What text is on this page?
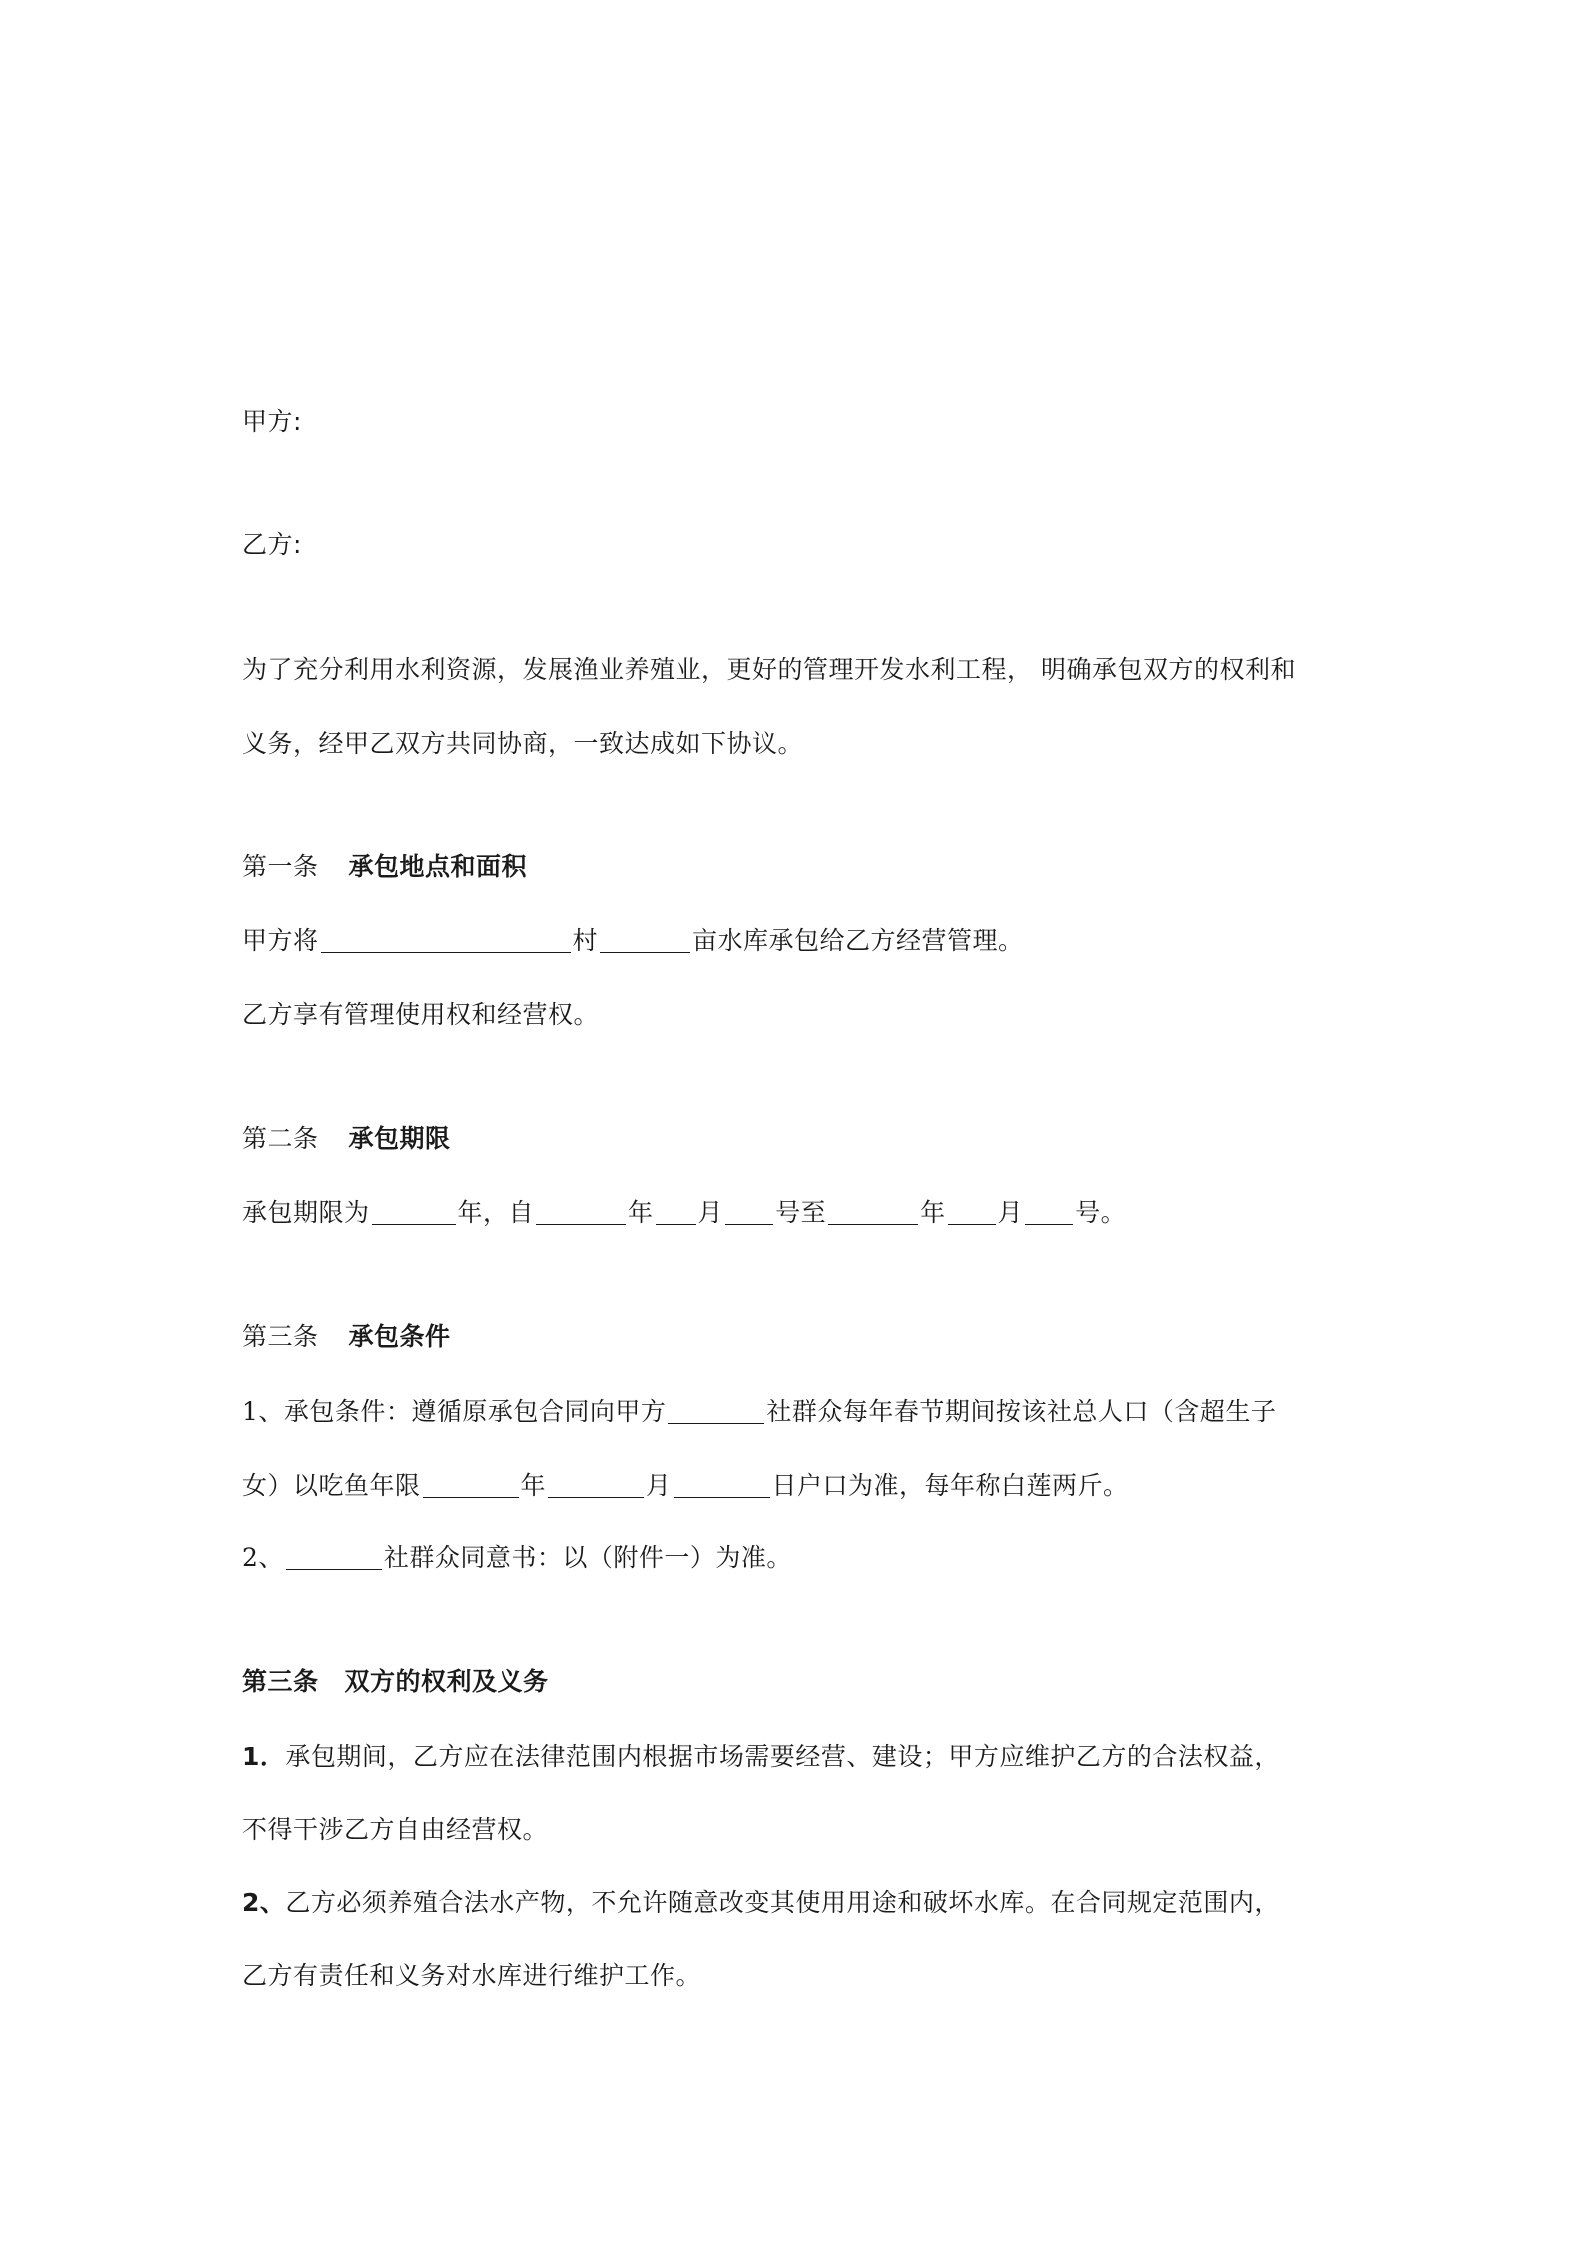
甲方:
乙方:
为了充分利用水利资源，发展渔业养殖业，更好的管理开发水利工程， 明确承包双方的权利和
义务，经甲乙双方共同协商，一致达成如下协议。
第一条 承包地点和面积
甲方将	村	亩水库承包给乙方经营管理。
乙方享有管理使用权和经营权。
第二条 承包期限
承包期限为	年，自	年 月 号至	年 月 号。
第三条 承包条件
1、承包条件：遵循原承包合同向甲方	社群众每年春节期间按该社总人口（含超生子
女）以吃鱼年限	年	月	日户口为准，每年称白莲两斤。
2、	社群众同意书：以（附件一）为准。
第三条 双方的权利及义务
1．承包期间，乙方应在法律范围内根据市场需要经营、建设；甲方应维护乙方的合法权益，
不得干涉乙方自由经营权。
2、乙方必须养殖合法水产物，不允许随意改变其使用用途和破坏水库。在合同规定范围内，
乙方有责任和义务对水库进行维护工作。
